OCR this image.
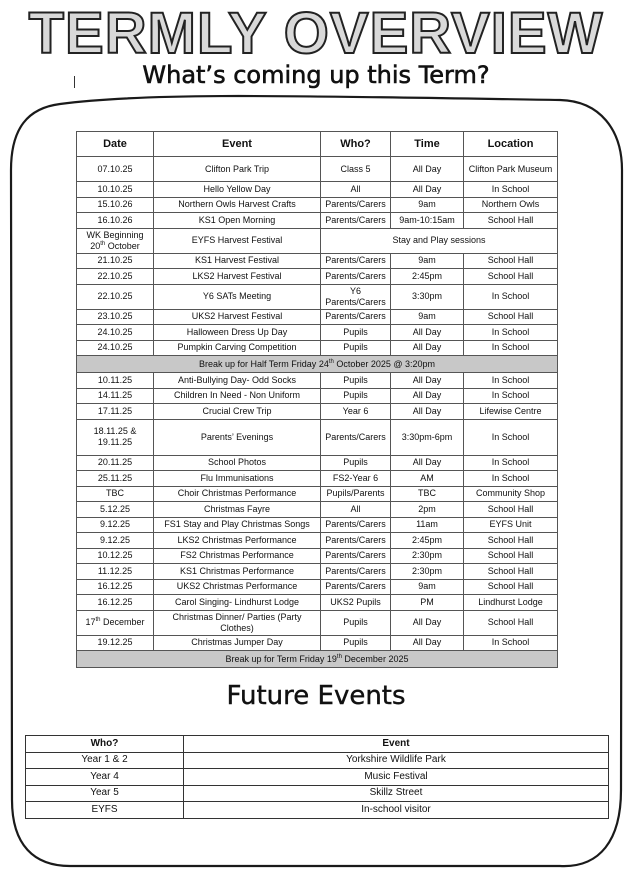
TERMLY OVERVIEW
What’s coming up this Term?
Date	Event	Who?	Time	Location
07.10.25	Clifton Park Trip	Class 5	All Day	Clifton Park Museum
10.10.25	Hello Yellow Day	All	All Day	In School
15.10.26	Northern Owls Harvest Crafts	Parents/Carers	9am	Northern Owls
16.10.26	KS1 Open Morning	Parents/Carers	9am-10:15am	School Hall
WK Beginning 20th October	EYFS Harvest Festival	Stay and Play sessions		
21.10.25	KS1 Harvest Festival	Parents/Carers	9am	School Hall
22.10.25	LKS2 Harvest Festival	Parents/Carers	2:45pm	School Hall
22.10.25	Y6 SATs Meeting	Y6 Parents/Carers	3:30pm	In School
23.10.25	UKS2 Harvest Festival	Parents/Carers	9am	School Hall
24.10.25	Halloween Dress Up Day	Pupils	All Day	In School
24.10.25	Pumpkin Carving Competition	Pupils	All Day	In School
Break up for Half Term Friday 24th October 2025 @ 3:20pm				
10.11.25	Anti-Bullying Day- Odd Socks	Pupils	All Day	In School
14.11.25	Children In Need - Non Uniform	Pupils	All Day	In School
17.11.25	Crucial Crew Trip	Year 6	All Day	Lifewise Centre
18.11.25 & 19.11.25	Parents’ Evenings	Parents/Carers	3:30pm-6pm	In School
20.11.25	School Photos	Pupils	All Day	In School
25.11.25	Flu Immunisations	FS2-Year 6	AM	In School
TBC	Choir Christmas Performance	Pupils/Parents	TBC	Community Shop
5.12.25	Christmas Fayre	All	2pm	School Hall
9.12.25	FS1 Stay and Play Christmas Songs	Parents/Carers	11am	EYFS Unit
9.12.25	LKS2 Christmas Performance	Parents/Carers	2:45pm	School Hall
10.12.25	FS2 Christmas Performance	Parents/Carers	2:30pm	School Hall
11.12.25	KS1 Christmas Performance	Parents/Carers	2:30pm	School Hall
16.12.25	UKS2 Christmas Performance	Parents/Carers	9am	School Hall
16.12.25	Carol Singing- Lindhurst Lodge	UKS2 Pupils	PM	Lindhurst Lodge
17th December	Christmas Dinner/ Parties (Party Clothes)	Pupils	All Day	School Hall
19.12.25	Christmas Jumper Day	Pupils	All Day	In School
Break up for Term Friday 19th December 2025				
Future Events
Who?	Event
Year 1 & 2	Yorkshire Wildlife Park
Year 4	Music Festival
Year 5	Skillz Street
EYFS	In-school visitor
